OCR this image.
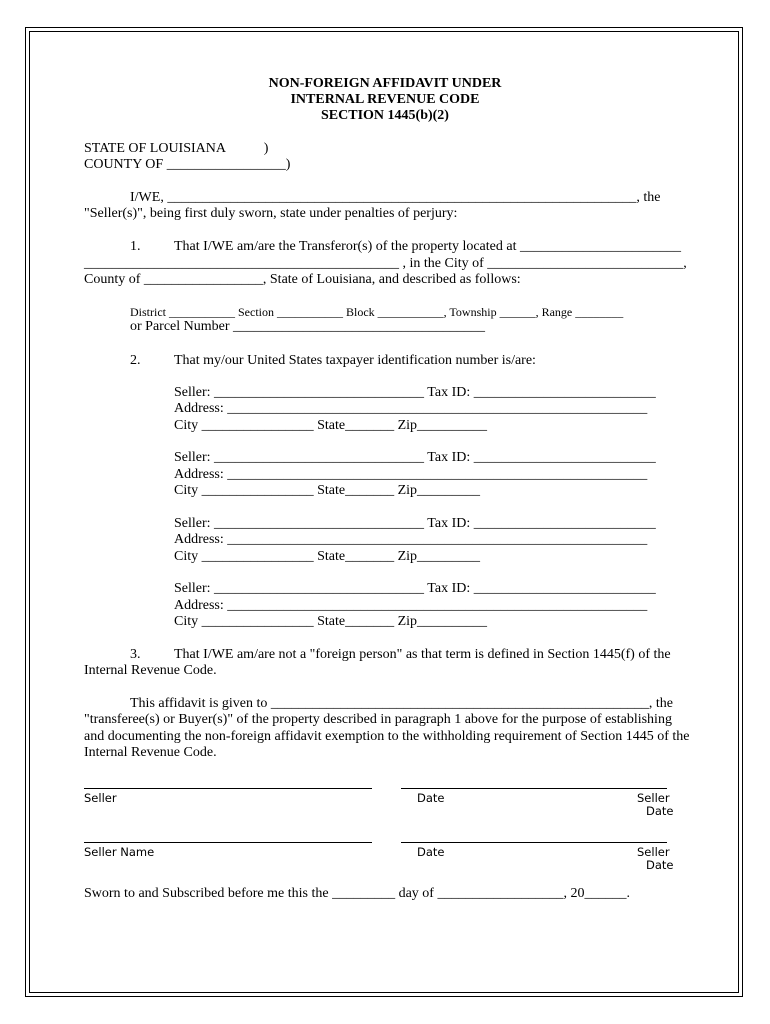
NON-FOREIGN AFFIDAVIT UNDER
INTERNAL REVENUE CODE
SECTION 1445(b)(2)
STATE OF LOUISIANA           )
COUNTY OF _________________)
I/WE, ___________________________________________________________________, the
"Seller(s)", being first duly sworn, state under penalties of perjury:
1. That I/WE am/are the Transferor(s) of the property located at _______________________
_____________________________________________ , in the City of ____________________________,
County of _________________, State of Louisiana, and described as follows:
District ___________ Section ___________ Block ___________, Township ______, Range ________
or Parcel Number ____________________________________
2. That my/our United States taxpayer identification number is/are:
Seller: ______________________________ Tax ID: __________________________
Address: ____________________________________________________________
City ________________ State_______ Zip__________
Seller: ______________________________ Tax ID: __________________________
Address: ____________________________________________________________
City ________________ State_______ Zip_________
Seller: ______________________________ Tax ID: __________________________
Address: ____________________________________________________________
City ________________ State_______ Zip_________
Seller: ______________________________ Tax ID: __________________________
Address: ____________________________________________________________
City ________________ State_______ Zip__________
3. That I/WE am/are not a "foreign person" as that term is defined in Section 1445(f) of the
Internal Revenue Code.
This affidavit is given to ______________________________________________________, the
"transferee(s) or Buyer(s)" of the property described in paragraph 1 above for the purpose of establishing
and documenting the non-foreign affidavit exemption to the withholding requirement of Section 1445 of the
Internal Revenue Code.
Seller	Date	Seller
Date
Seller Name	Date	Seller
Date
Sworn to and Subscribed before me this the _________ day of __________________, 20______.
